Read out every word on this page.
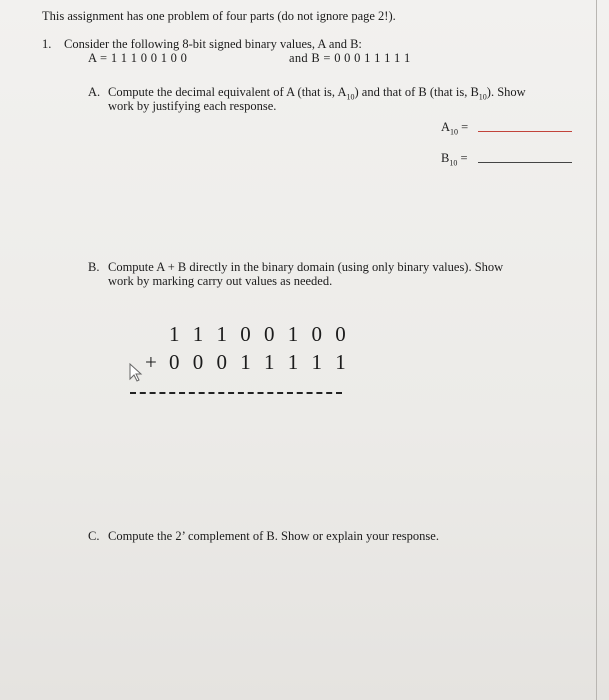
This assignment has one problem of four parts (do not ignore page 2!).
1. Consider the following 8-bit signed binary values, A and B:
A = 1 1 1 0 0 1 0 0	and B = 0 0 0 1 1 1 1 1
A. Compute the decimal equivalent of A (that is, $A_{10}$) and that of B (that is, $B_{10}$). Show
work by justifying each response.
$A_{10}$ =
$B_{10}$ =
B. Compute A + B directly in the binary domain (using only binary values). Show
work by marking carry out values as needed.
1 1 1 0 0 1 0 0
+ 0 0 0 1 1 1 1 1
C. Compute the 2’ complement of B. Show or explain your response.
